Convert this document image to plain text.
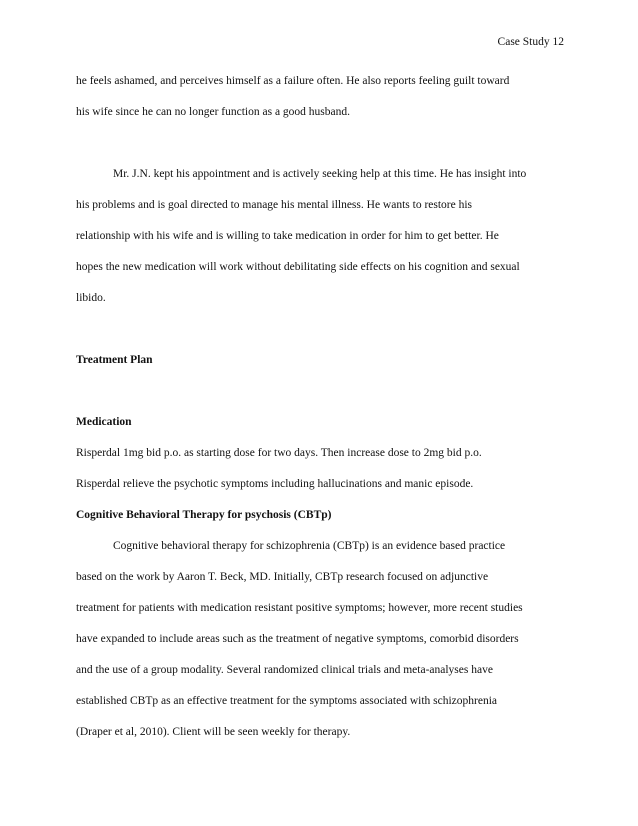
Case Study 12

he feels ashamed, and perceives himself as a failure often. He also reports feeling guilt toward
his wife since he can no longer function as a good husband.

Mr. J.N. kept his appointment and is actively seeking help at this time. He has insight into
his problems and is goal directed to manage his mental illness. He wants to restore his
relationship with his wife and is willing to take medication in order for him to get better. He
hopes the new medication will work without debilitating side effects on his cognition and sexual
libido.

Treatment Plan

Medication

Risperdal 1mg bid p.o. as starting dose for two days. Then increase dose to 2mg bid p.o.
Risperdal relieve the psychotic symptoms including hallucinations and manic episode.

Cognitive Behavioral Therapy for psychosis (CBTp)

Cognitive behavioral therapy for schizophrenia (CBTp) is an evidence based practice
based on the work by Aaron T. Beck, MD. Initially, CBTp research focused on adjunctive
treatment for patients with medication resistant positive symptoms; however, more recent studies
have expanded to include areas such as the treatment of negative symptoms, comorbid disorders
and the use of a group modality. Several randomized clinical trials and meta-analyses have
established CBTp as an effective treatment for the symptoms associated with schizophrenia
(Draper et al, 2010). Client will be seen weekly for therapy.
